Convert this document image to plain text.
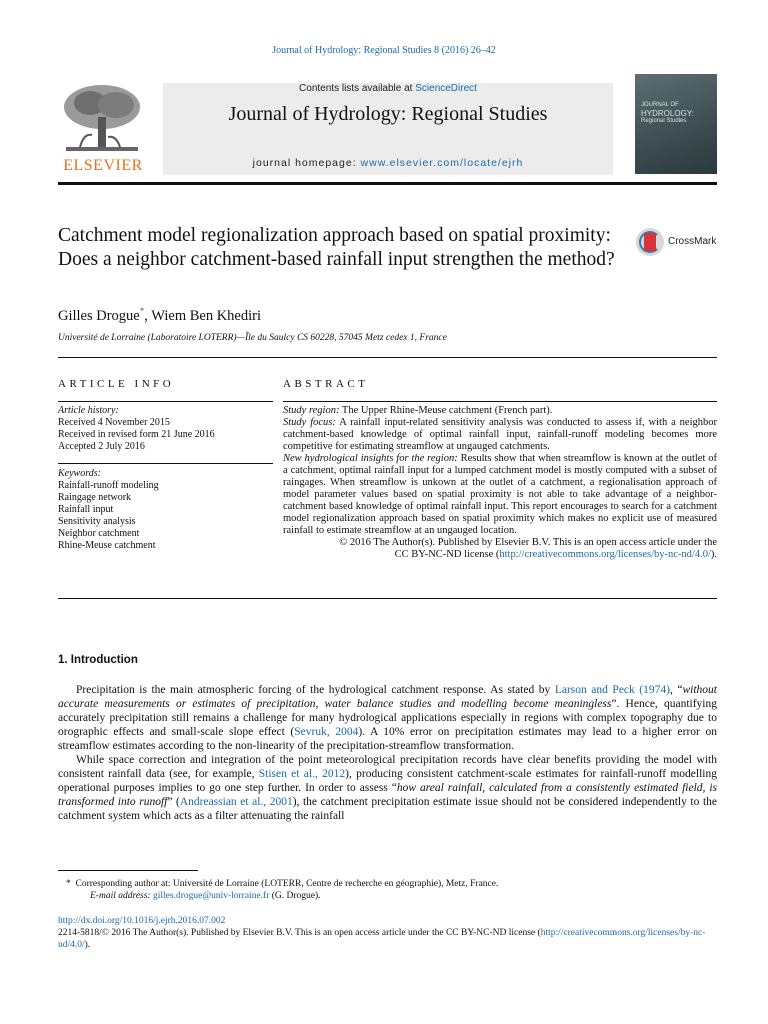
Journal of Hydrology: Regional Studies 8 (2016) 26–42
ELSEVIER
Contents lists available at ScienceDirect
Journal of Hydrology: Regional Studies
journal homepage: www.elsevier.com/locate/ejrh
JOURNAL OF
HYDROLOGY:
Regional Studies
Catchment model regionalization approach based on spatial proximity: Does a neighbor catchment-based rainfall input strengthen the method?
CrossMark
Gilles Drogue*, Wiem Ben Khediri
Université de Lorraine (Laboratoire LOTERR)—Île du Saulcy CS 60228, 57045 Metz cedex 1, France
ARTICLE INFO	ABSTRACT
Article history:
Received 4 November 2015
Received in revised form 21 June 2016
Accepted 2 July 2016
Keywords:
Rainfall-runoff modeling
Raingage network
Rainfall input
Sensitivity analysis
Neighbor catchment
Rhine-Meuse catchment

Study region: The Upper Rhine-Meuse catchment (French part).

Study focus: A rainfall input-related sensitivity analysis was conducted to assess if, with a neighbor catchment-based knowledge of optimal rainfall input, rainfall-runoff modeling becomes more competitive for estimating streamflow at ungauged catchments.

New hydrological insights for the region: Results show that when streamflow is known at the outlet of a catchment, optimal rainfall input for a lumped catchment model is mostly computed with a subset of raingages. When streamflow is unkown at the outlet of a catchment, a regionalisation approach of model parameter values based on spatial proximity is not able to take advantage of a neighbor-catchment based knowledge of optimal rainfall input. This report encourages to search for a catchment model regionalization approach based on spatial proximity which makes no explicit use of measured rainfall to estimate streamflow at an ungauged location.

© 2016 The Author(s). Published by Elsevier B.V. This is an open access article under the

CC BY-NC-ND license (http://creativecommons.org/licenses/by-nc-nd/4.0/).

1. Introduction

Precipitation is the main atmospheric forcing of the hydrological catchment response. As stated by Larson and Peck (1974), “without accurate measurements or estimates of precipitation, water balance studies and modelling become meaningless”. Hence, quantifying accurately precipitation still remains a challenge for many hydrological applications especially in regions with complex topography due to orographic effects and small-scale slope effect (Sevruk, 2004). A 10% error on precipitation estimates may lead to a higher error on streamflow estimates according to the non-linearity of the precipitation-streamflow transformation.

While space correction and integration of the point meteorological precipitation records have clear benefits providing the model with consistent rainfall data (see, for example, Stisen et al., 2012), producing consistent catchment-scale estimates for rainfall-runoff modelling operational purposes implies to go one step further. In order to assess “how areal rainfall, calculated from a consistently estimated field, is transformed into runoff” (Andreassian et al., 2001), the catchment precipitation estimate issue should not be considered independently to the catchment system which acts as a filter attenuating the rainfall

* Corresponding author at: Université de Lorraine (LOTERR, Centre de recherche en géographie), Metz, France.
E-mail address: gilles.drogue@univ-lorraine.fr (G. Drogue).
http://dx.doi.org/10.1016/j.ejrh.2016.07.002
2214-5818/© 2016 The Author(s). Published by Elsevier B.V. This is an open access article under the CC BY-NC-ND license (http://creativecommons.org/licenses/by-nc-nd/4.0/).
